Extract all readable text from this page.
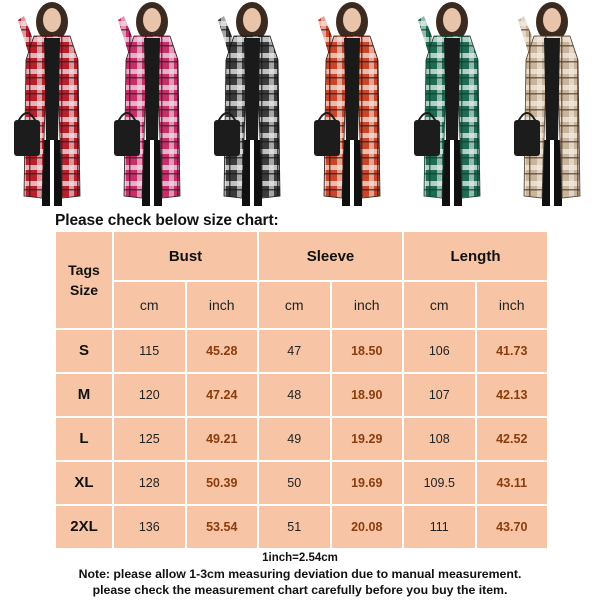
Please check below size chart:
Tags
Size	Bust		Sleeve		Length	
	cm	inch	cm	inch	cm	inch
S	115	45.28	47	18.50	106	41.73
M	120	47.24	48	18.90	107	42.13
L	125	49.21	49	19.29	108	42.52
XL	128	50.39	50	19.69	109.5	43.11
2XL	136	53.54	51	20.08	111	43.70
1inch=2.54cm
Note: please allow 1-3cm measuring deviation due to manual measurement.
please check the measurement chart carefully before you buy the item.
